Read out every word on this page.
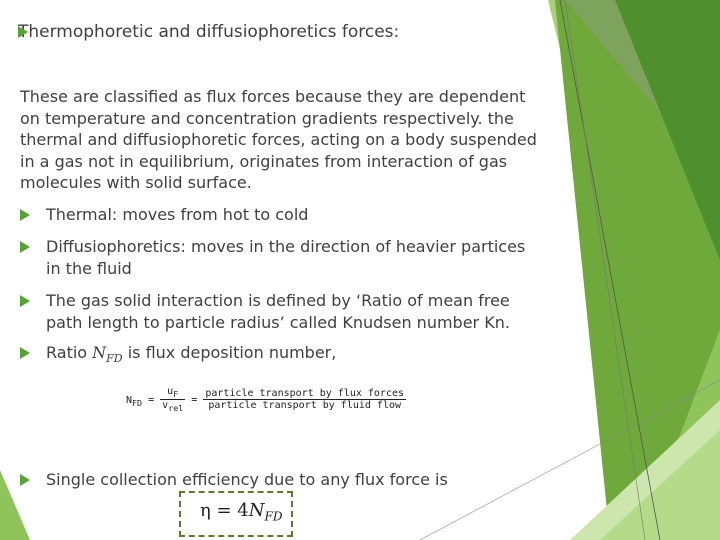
Thermophoretic and diffusiophoretics forces:
These are classified as flux forces because they are dependent on temperature and concentration gradients respectively. the thermal and diffusiophoretic forces, acting on a body suspended in a gas not in equilibrium, originates from interaction of gas molecules with solid surface.
Thermal: moves from hot to cold
Diffusiophoretics: moves in the direction of heavier partices in the fluid
The gas solid interaction is defined by ‘Ratio of mean free path length to particle radius’ called Knudsen number Kn.
Ratio $N_{FD}$ is flux deposition number,
$N_{FD} = \frac{u_F}{v_{rel}} = \frac{\text{particle transport by flux forces}}{\text{particle transport by fluid flow}}$
Single collection efficiency due to any flux force is
$\eta = 4N_{FD}$
